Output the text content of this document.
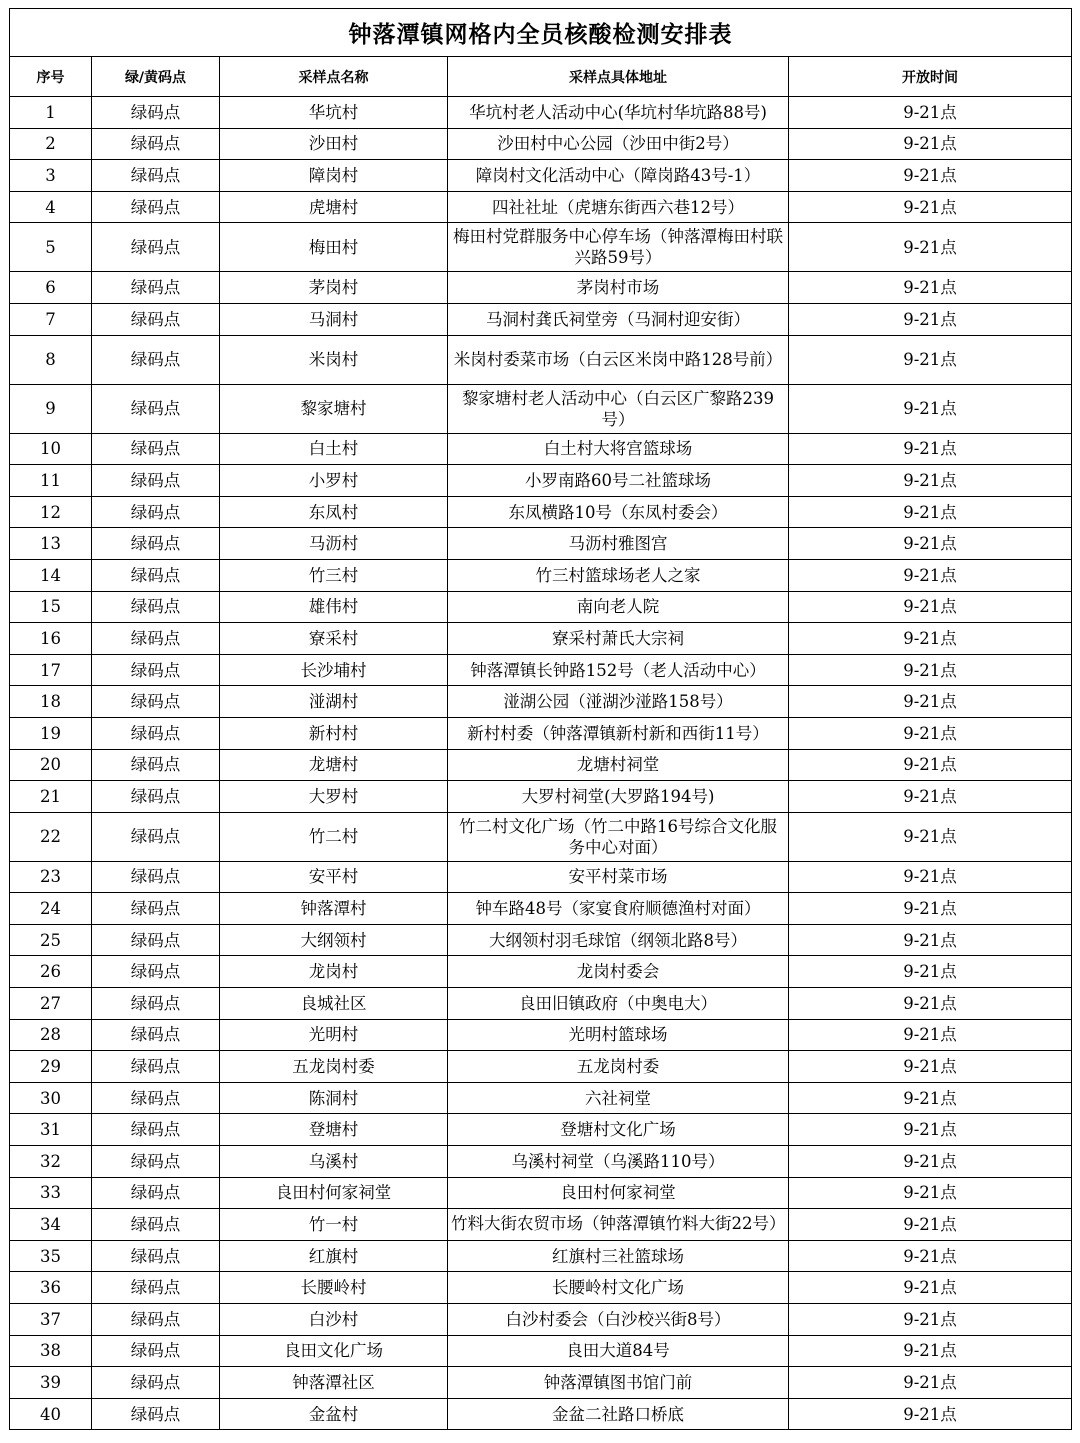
钟落潭镇网格内全员核酸检测安排表				
序号	绿/黄码点	采样点名称	采样点具体地址	开放时间
1	绿码点	华坑村	华坑村老人活动中心(华坑村华坑路88号)	9-21点
2	绿码点	沙田村	沙田村中心公园（沙田中街2号）	9-21点
3	绿码点	障岗村	障岗村文化活动中心（障岗路43号-1）	9-21点
4	绿码点	虎塘村	四社社址（虎塘东街西六巷12号）	9-21点
5	绿码点	梅田村	梅田村党群服务中心停车场（钟落潭梅田村联兴路59号）	9-21点
6	绿码点	茅岗村	茅岗村市场	9-21点
7	绿码点	马洞村	马洞村龚氏祠堂旁（马洞村迎安街）	9-21点
8	绿码点	米岗村	米岗村委菜市场（白云区米岗中路128号前）	9-21点
9	绿码点	黎家塘村	黎家塘村老人活动中心（白云区广黎路239号）	9-21点
10	绿码点	白土村	白土村大将宫篮球场	9-21点
11	绿码点	小罗村	小罗南路60号二社篮球场	9-21点
12	绿码点	东凤村	东凤横路10号（东凤村委会）	9-21点
13	绿码点	马沥村	马沥村雅图宫	9-21点
14	绿码点	竹三村	竹三村篮球场老人之家	9-21点
15	绿码点	雄伟村	南向老人院	9-21点
16	绿码点	寮采村	寮采村萧氏大宗祠	9-21点
17	绿码点	长沙埔村	钟落潭镇长钟路152号（老人活动中心）	9-21点
18	绿码点	湴湖村	湴湖公园（湴湖沙湴路158号）	9-21点
19	绿码点	新村村	新村村委（钟落潭镇新村新和西街11号）	9-21点
20	绿码点	龙塘村	龙塘村祠堂	9-21点
21	绿码点	大罗村	大罗村祠堂(大罗路194号)	9-21点
22	绿码点	竹二村	竹二村文化广场（竹二中路16号综合文化服务中心对面）	9-21点
23	绿码点	安平村	安平村菜市场	9-21点
24	绿码点	钟落潭村	钟车路48号（家宴食府顺德渔村对面）	9-21点
25	绿码点	大纲领村	大纲领村羽毛球馆（纲领北路8号）	9-21点
26	绿码点	龙岗村	龙岗村委会	9-21点
27	绿码点	良城社区	良田旧镇政府（中奥电大）	9-21点
28	绿码点	光明村	光明村篮球场	9-21点
29	绿码点	五龙岗村委	五龙岗村委	9-21点
30	绿码点	陈洞村	六社祠堂	9-21点
31	绿码点	登塘村	登塘村文化广场	9-21点
32	绿码点	乌溪村	乌溪村祠堂（乌溪路110号）	9-21点
33	绿码点	良田村何家祠堂	良田村何家祠堂	9-21点
34	绿码点	竹一村	竹料大街农贸市场（钟落潭镇竹料大街22号）	9-21点
35	绿码点	红旗村	红旗村三社篮球场	9-21点
36	绿码点	长腰岭村	长腰岭村文化广场	9-21点
37	绿码点	白沙村	白沙村委会（白沙校兴街8号）	9-21点
38	绿码点	良田文化广场	良田大道84号	9-21点
39	绿码点	钟落潭社区	钟落潭镇图书馆门前	9-21点
40	绿码点	金盆村	金盆二社路口桥底	9-21点
